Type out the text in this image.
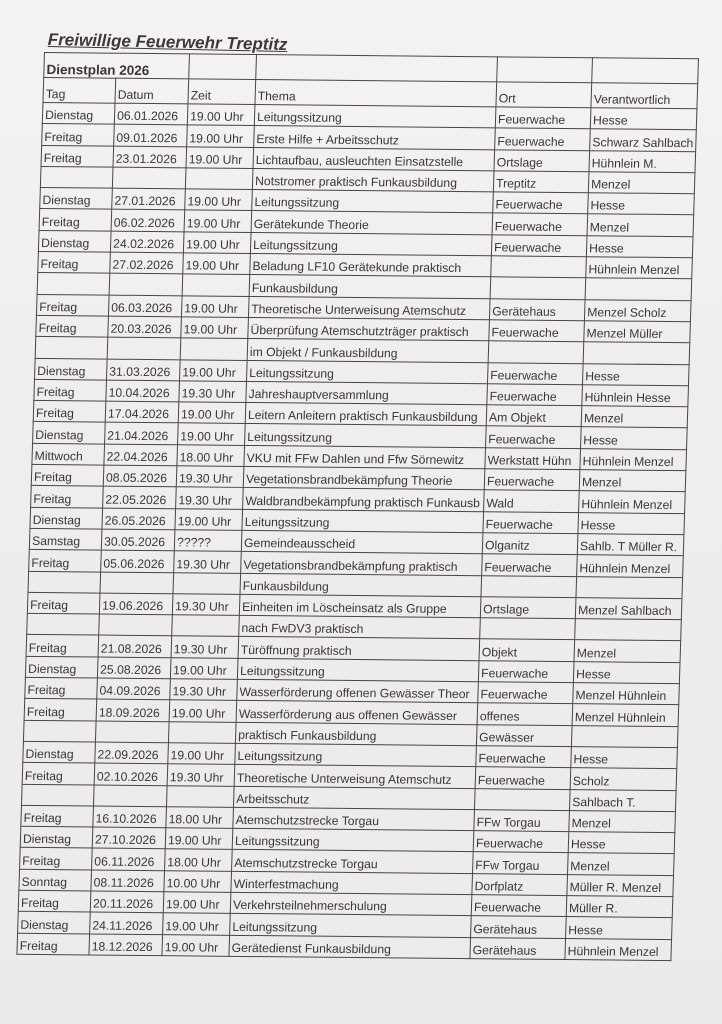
Freiwillige Feuerwehr Treptitz
Dienstplan 2026					
Tag	Datum	Zeit	Thema	Ort	Verantwortlich
Dienstag	06.01.2026	19.00 Uhr	Leitungssitzung	Feuerwache	Hesse
Freitag	09.01.2026	19.00 Uhr	Erste Hilfe + Arbeitsschutz	Feuerwache	Schwarz Sahlbach
Freitag	23.01.2026	19.00 Uhr	Lichtaufbau, ausleuchten Einsatzstelle	Ortslage	Hühnlein M.
			Notstromer praktisch Funkausbildung	Treptitz	Menzel
Dienstag	27.01.2026	19.00 Uhr	Leitungssitzung	Feuerwache	Hesse
Freitag	06.02.2026	19.00 Uhr	Gerätekunde Theorie	Feuerwache	Menzel
Dienstag	24.02.2026	19.00 Uhr	Leitungssitzung	Feuerwache	Hesse
Freitag	27.02.2026	19.00 Uhr	Beladung LF10 Gerätekunde praktisch		Hühnlein Menzel
			Funkausbildung		
Freitag	06.03.2026	19.00 Uhr	Theoretische Unterweisung Atemschutz	Gerätehaus	Menzel Scholz
Freitag	20.03.2026	19.00 Uhr	Überprüfung Atemschutzträger praktisch	Feuerwache	Menzel Müller
			im Objekt / Funkausbildung		
Dienstag	31.03.2026	19.00 Uhr	Leitungssitzung	Feuerwache	Hesse
Freitag	10.04.2026	19.30 Uhr	Jahreshauptversammlung	Feuerwache	Hühnlein Hesse
Freitag	17.04.2026	19.00 Uhr	Leitern Anleitern praktisch Funkausbildung	Am Objekt	Menzel
Dienstag	21.04.2026	19.00 Uhr	Leitungssitzung	Feuerwache	Hesse
Mittwoch	22.04.2026	18.00 Uhr	VKU mit FFw Dahlen und Ffw Sörnewitz	Werkstatt Hühn	Hühnlein Menzel
Freitag	08.05.2026	19.30 Uhr	Vegetationsbrandbekämpfung Theorie	Feuerwache	Menzel
Freitag	22.05.2026	19.30 Uhr	Waldbrandbekämpfung praktisch Funkausb	Wald	Hühnlein Menzel
Dienstag	26.05.2026	19.00 Uhr	Leitungssitzung	Feuerwache	Hesse
Samstag	30.05.2026	?????	Gemeindeausscheid	Olganitz	Sahlb. T Müller R.
Freitag	05.06.2026	19.30 Uhr	Vegetationsbrandbekämpfung praktisch	Feuerwache	Hühnlein Menzel
			Funkausbildung		
Freitag	19.06.2026	19.30 Uhr	Einheiten im Löscheinsatz als Gruppe	Ortslage	Menzel Sahlbach
			nach FwDV3 praktisch		
Freitag	21.08.2026	19.30 Uhr	Türöffnung praktisch	Objekt	Menzel
Dienstag	25.08.2026	19.00 Uhr	Leitungssitzung	Feuerwache	Hesse
Freitag	04.09.2026	19.30 Uhr	Wasserförderung offenen Gewässer Theor	Feuerwache	Menzel Hühnlein
Freitag	18.09.2026	19.00 Uhr	Wasserförderung aus offenen Gewässer	offenes	Menzel Hühnlein
			praktisch Funkausbildung	Gewässer	
Dienstag	22.09.2026	19.00 Uhr	Leitungssitzung	Feuerwache	Hesse
Freitag	02.10.2026	19.30 Uhr	Theoretische Unterweisung Atemschutz	Feuerwache	Scholz
			Arbeitsschutz		Sahlbach T.
Freitag	16.10.2026	18.00 Uhr	Atemschutzstrecke Torgau	FFw Torgau	Menzel
Dienstag	27.10.2026	19.00 Uhr	Leitungssitzung	Feuerwache	Hesse
Freitag	06.11.2026	18.00 Uhr	Atemschutzstrecke Torgau	FFw Torgau	Menzel
Sonntag	08.11.2026	10.00 Uhr	Winterfestmachung	Dorfplatz	Müller R. Menzel
Freitag	20.11.2026	19.00 Uhr	Verkehrsteilnehmerschulung	Feuerwache	Müller R.
Dienstag	24.11.2026	19.00 Uhr	Leitungssitzung	Gerätehaus	Hesse
Freitag	18.12.2026	19.00 Uhr	Gerätedienst Funkausbildung	Gerätehaus	Hühnlein Menzel
